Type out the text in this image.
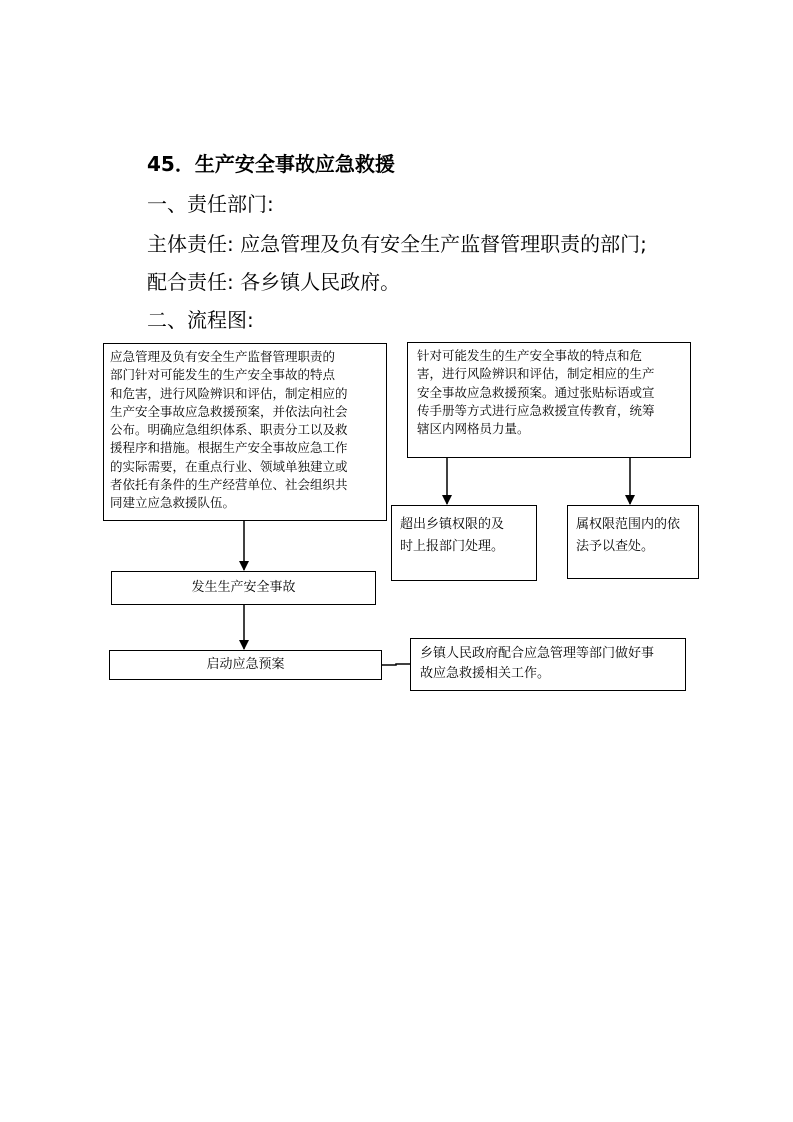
45．生产安全事故应急救援
一、责任部门:
主体责任: 应急管理及负有安全生产监督管理职责的部门;
配合责任: 各乡镇人民政府。
二、流程图:

应急管理及负有安全生产监督管理职责的

部门针对可能发生的生产安全事故的特点

和危害，进行风险辨识和评估，制定相应的

生产安全事故应急救援预案，并依法向社会

公布。明确应急组织体系、职责分工以及救

援程序和措施。根据生产安全事故应急工作

的实际需要，在重点行业、领域单独建立或

者依托有条件的生产经营单位、社会组织共

同建立应急救援队伍。

针对可能发生的生产安全事故的特点和危

害，进行风险辨识和评估，制定相应的生产

安全事故应急救援预案。通过张贴标语或宣

传手册等方式进行应急救援宣传教育，统筹

辖区内网格员力量。

超出乡镇权限的及

时上报部门处理。

属权限范围内的依

法予以查处。

发生生产安全事故
启动应急预案

乡镇人民政府配合应急管理等部门做好事

故应急救援相关工作。
